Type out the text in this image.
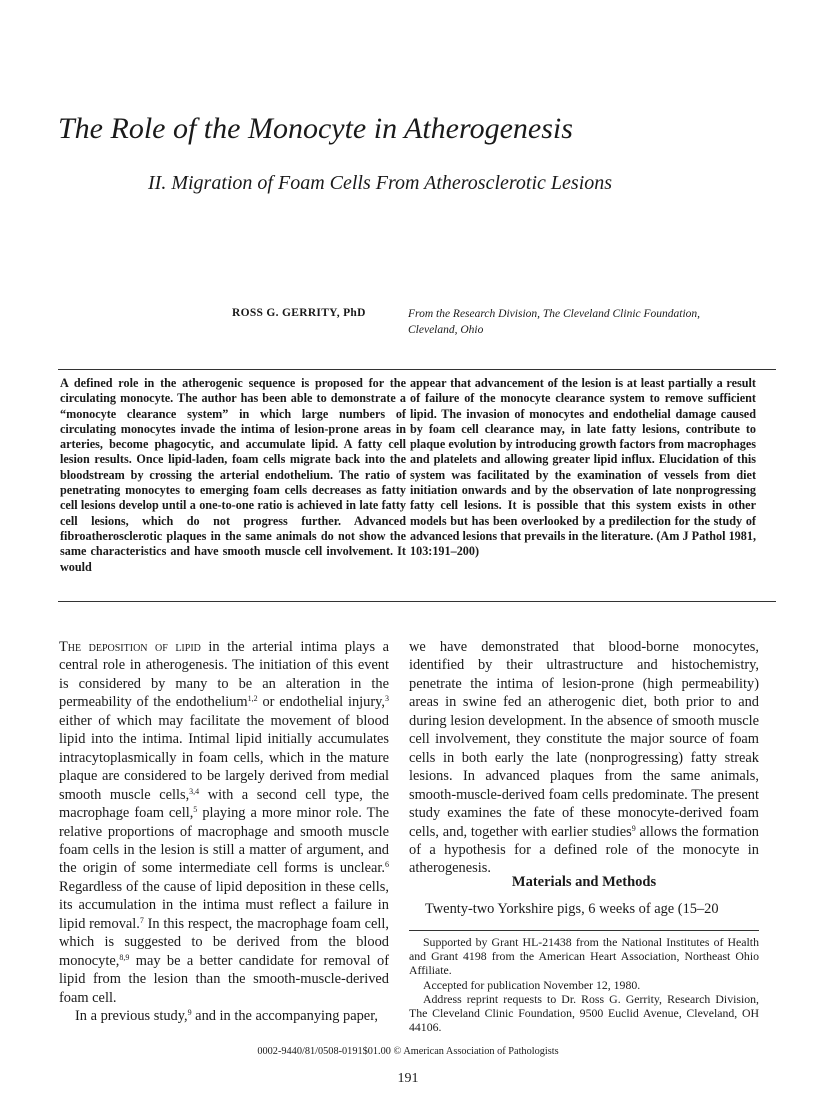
The Role of the Monocyte in Atherogenesis
II. Migration of Foam Cells From Atherosclerotic Lesions
ROSS G. GERRITY, PhD	From the Research Division, The Cleveland Clinic Foundation, Cleveland, Ohio
A defined role in the atherogenic sequence is proposed for the circulating monocyte. The author has been able to demonstrate a “monocyte clearance system” in which large numbers of circulating monocytes invade the intima of lesion-prone areas in arteries, become phagocytic, and accumulate lipid. A fatty cell lesion results. Once lipid-laden, foam cells migrate back into the bloodstream by crossing the arterial endothelium. The ratio of penetrating monocytes to emerging foam cells decreases as fatty cell lesions develop until a one-to-one ratio is achieved in late fatty cell lesions, which do not progress further. Advanced fibroatherosclerotic plaques in the same animals do not show the same characteristics and have smooth muscle cell involvement. It would
appear that advancement of the lesion is at least partially a result of failure of the monocyte clearance system to remove sufficient lipid. The invasion of monocytes and endothelial damage caused by foam cell clearance may, in late fatty lesions, contribute to plaque evolution by introducing growth factors from macrophages and platelets and allowing greater lipid influx. Elucidation of this system was facilitated by the examination of vessels from diet initiation onwards and by the observation of late nonprogressing fatty cell lesions. It is possible that this system exists in other models but has been overlooked by a predilection for the study of advanced lesions that prevails in the literature. (Am J Pathol 1981, 103:191–200)

The deposition of lipid in the arterial intima plays a central role in atherogenesis. The initiation of this event is considered by many to be an alteration in the permeability of the endothelium$^{1,2}$ or endothelial injury,$^3$ either of which may facilitate the movement of blood lipid into the intima. Intimal lipid initially accumulates intracytoplasmically in foam cells, which in the mature plaque are considered to be largely derived from medial smooth muscle cells,$^{3,4}$ with a second cell type, the macrophage foam cell,$^5$ playing a more minor role. The relative proportions of macrophage and smooth muscle foam cells in the lesion is still a matter of argument, and the origin of some intermediate cell forms is unclear.$^6$ Regardless of the cause of lipid deposition in these cells, its accumulation in the intima must reflect a failure in lipid removal.$^7$ In this respect, the macrophage foam cell, which is suggested to be derived from the blood monocyte,$^{8,9}$ may be a better candidate for removal of lipid from the lesion than the smooth-muscle-derived foam cell.

In a previous study,$^9$ and in the accompanying paper,

we have demonstrated that blood-borne monocytes, identified by their ultrastructure and histochemistry, penetrate the intima of lesion-prone (high permeability) areas in swine fed an atherogenic diet, both prior to and during lesion development. In the absence of smooth muscle cell involvement, they constitute the major source of foam cells in both early the late (nonprogressing) fatty streak lesions. In advanced plaques from the same animals, smooth-muscle-derived foam cells predominate. The present study examines the fate of these monocyte-derived foam cells, and, together with earlier studies$^9$ allows the formation of a hypothesis for a defined role of the monocyte in atherogenesis.

Materials and Methods
Twenty-two Yorkshire pigs, 6 weeks of age (15–20

Supported by Grant HL-21438 from the National Institutes of Health and Grant 4198 from the American Heart Association, Northeast Ohio Affiliate.

Accepted for publication November 12, 1980.

Address reprint requests to Dr. Ross G. Gerrity, Research Division, The Cleveland Clinic Foundation, 9500 Euclid Avenue, Cleveland, OH 44106.

0002-9440/81/0508-0191$01.00 © American Association of Pathologists
191
